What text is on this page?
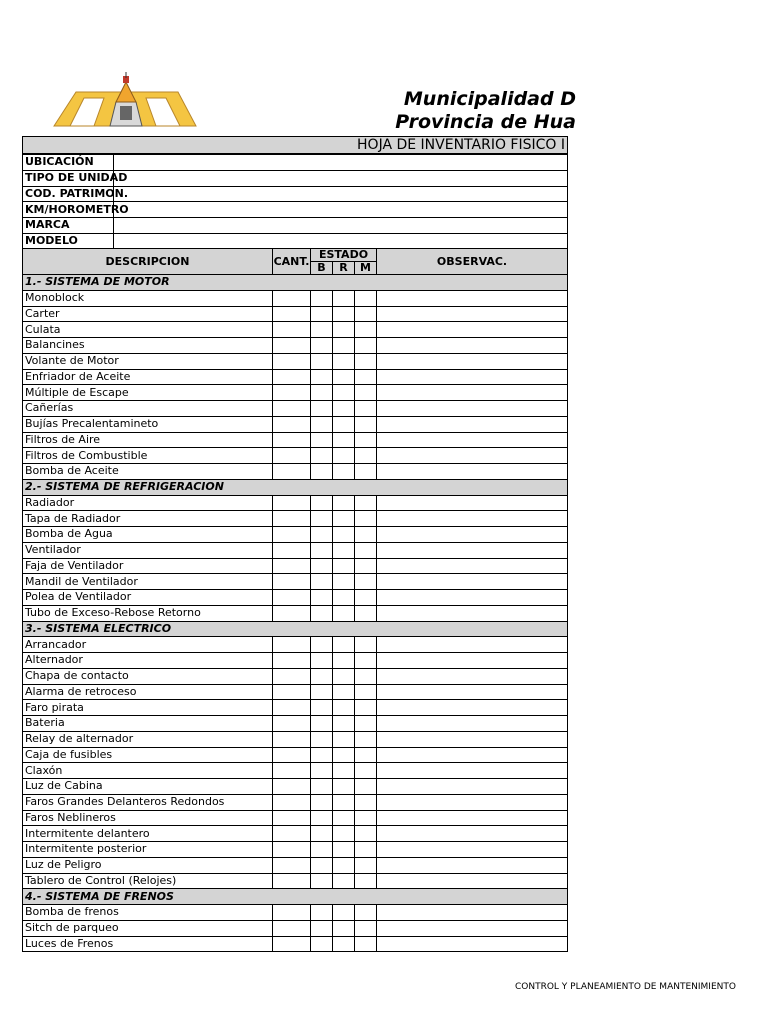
Municipalidad D
Provincia de Hua
HOJA DE INVENTARIO FISICO I
UBICACIÓN	
TIPO DE UNIDAD	
COD. PATRIMON.	
KM/HOROMETRO	
MARCA	
MODELO	
DESCRIPCION	CANT.	ESTADO			OBSERVAC.
		B	R	M	
1.- SISTEMA DE MOTOR					
Monoblock					
Carter					
Culata					
Balancines					
Volante de Motor					
Enfriador de Aceite					
Múltiple de Escape					
Cañerías					
Bujías Precalentamineto					
Filtros de Aire					
Filtros de Combustible					
Bomba de Aceite					
2.- SISTEMA DE REFRIGERACION					
Radiador					
Tapa de Radiador					
Bomba de Agua					
Ventilador					
Faja de Ventilador					
Mandil de Ventilador					
Polea de Ventilador					
Tubo de Exceso-Rebose Retorno					
3.- SISTEMA ELECTRICO					
Arrancador					
Alternador					
Chapa de contacto					
Alarma de retroceso					
Faro pirata					
Bateria					
Relay de alternador					
Caja de fusibles					
Claxón					
Luz de Cabina					
Faros Grandes Delanteros Redondos					
Faros Neblineros					
Intermitente delantero					
Intermitente posterior					
Luz de Peligro					
Tablero de Control (Relojes)					
4.- SISTEMA DE FRENOS					
Bomba de frenos					
Sitch de parqueo					
Luces de Frenos					
CONTROL Y PLANEAMIENTO DE MANTENIMIENTO
